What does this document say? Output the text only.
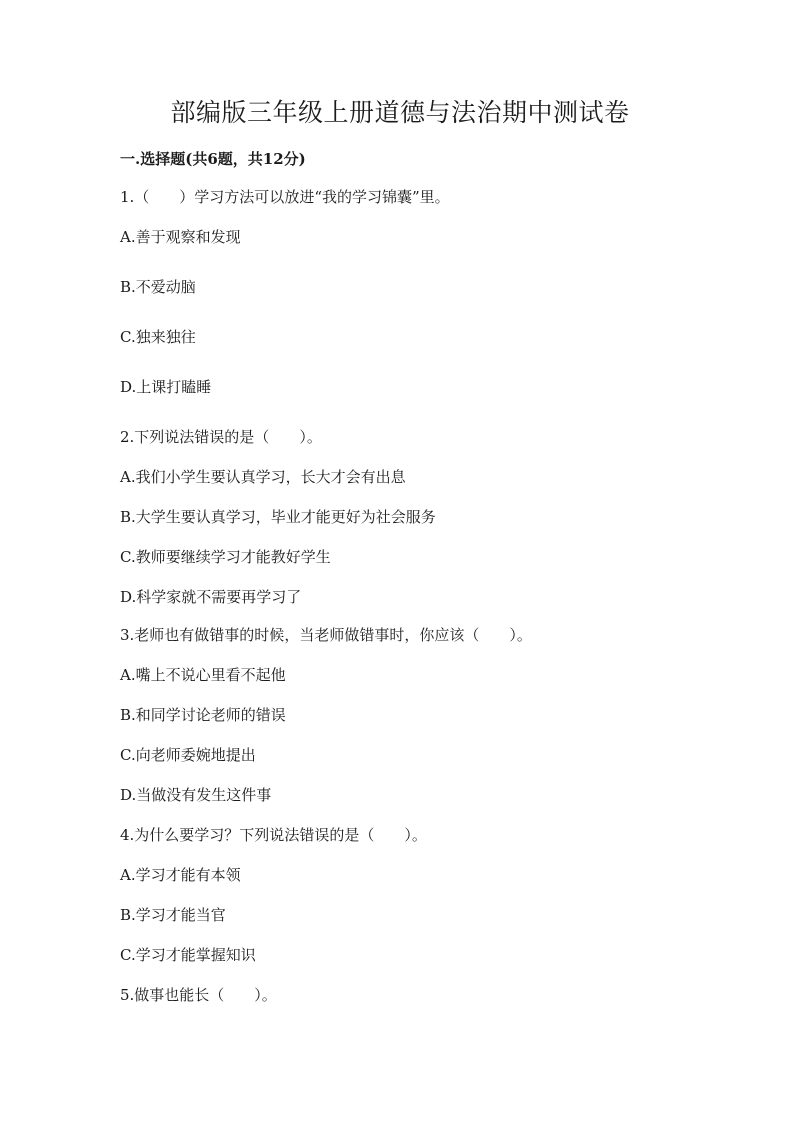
部编版三年级上册道德与法治期中测试卷
一.选择题(共6题，共12分)
1.（　　）学习方法可以放进“我的学习锦囊”里。
A.善于观察和发现
B.不爱动脑
C.独来独往
D.上课打瞌睡
2.下列说法错误的是（　　）。
A.我们小学生要认真学习，长大才会有出息
B.大学生要认真学习，毕业才能更好为社会服务
C.教师要继续学习才能教好学生
D.科学家就不需要再学习了
3.老师也有做错事的时候，当老师做错事时，你应该（　　）。
A.嘴上不说心里看不起他
B.和同学讨论老师的错误
C.向老师委婉地提出
D.当做没有发生这件事
4.为什么要学习？下列说法错误的是（　　）。
A.学习才能有本领
B.学习才能当官
C.学习才能掌握知识
5.做事也能长（　　）。
